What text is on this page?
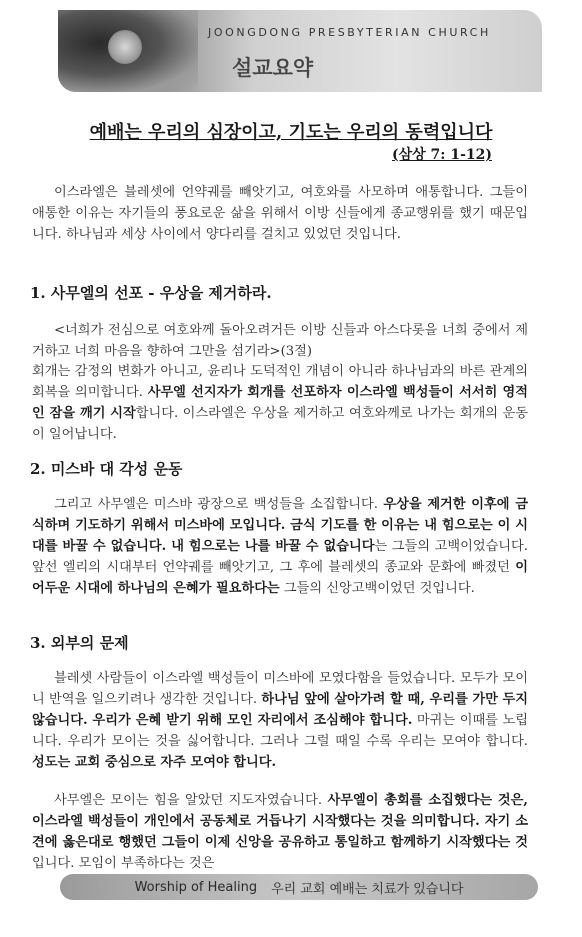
JOONGDONG PRESBYTERIAN CHURCH
설교요약
예배는 우리의 심장이고, 기도는 우리의 동력입니다
(삼상 7: 1-12)

이스라엘은 블레셋에 언약궤를 빼앗기고, 여호와를 사모하며 애통합니다. 그들이 애통한 이유는 자기들의 풍요로운 삶을 위해서 이방 신들에게 종교행위를 했기 때문입니다. 하나님과 세상 사이에서 양다리를 걸치고 있었던 것입니다.

1. 사무엘의 선포 - 우상을 제거하라.

<너희가 전심으로 여호와께 돌아오려거든 이방 신들과 아스다롯을 너희 중에서 제거하고 너희 마음을 향하여 그만을 섬기라>(3절)

회개는 감정의 변화가 아니고, 윤리나 도덕적인 개념이 아니라 하나님과의 바른 관계의 회복을 의미합니다. 사무엘 선지자가 회개를 선포하자 이스라엘 백성들이 서서히 영적인 잠을 깨기 시작합니다. 이스라엘은 우상을 제거하고 여호와께로 나가는 회개의 운동이 일어납니다.

2. 미스바 대 각성 운동

그리고 사무엘은 미스바 광장으로 백성들을 소집합니다. 우상을 제거한 이후에 금식하며 기도하기 위해서 미스바에 모입니다. 금식 기도를 한 이유는 내 힘으로는 이 시대를 바꿀 수 없습니다. 내 힘으로는 나를 바꿀 수 없습니다는 그들의 고백이었습니다. 앞선 엘리의 시대부터 언약궤를 빼앗기고, 그 후에 블레셋의 종교와 문화에 빠졌던 이 어두운 시대에 하나님의 은혜가 필요하다는 그들의 신앙고백이었던 것입니다.

3. 외부의 문제

블레셋 사람들이 이스라엘 백성들이 미스바에 모였다함을 들었습니다. 모두가 모이니 반역을 일으키려나 생각한 것입니다. 하나님 앞에 살아가려 할 때, 우리를 가만 두지 않습니다. 우리가 은혜 받기 위해 모인 자리에서 조심해야 합니다. 마귀는 이때를 노립니다. 우리가 모이는 것을 싫어합니다. 그러나 그럴 때일 수록 우리는 모여야 합니다. 성도는 교회 중심으로 자주 모여야 합니다.

사무엘은 모이는 힘을 알았던 지도자였습니다. 사무엘이 총회를 소집했다는 것은, 이스라엘 백성들이 개인에서 공동체로 거듭나기 시작했다는 것을 의미합니다. 자기 소견에 옳은대로 행했던 그들이 이제 신앙을 공유하고 통일하고 함께하기 시작했다는 것입니다. 모임이 부족하다는 것은

Worship of Healing 우리 교회 예배는 치료가 있습니다
